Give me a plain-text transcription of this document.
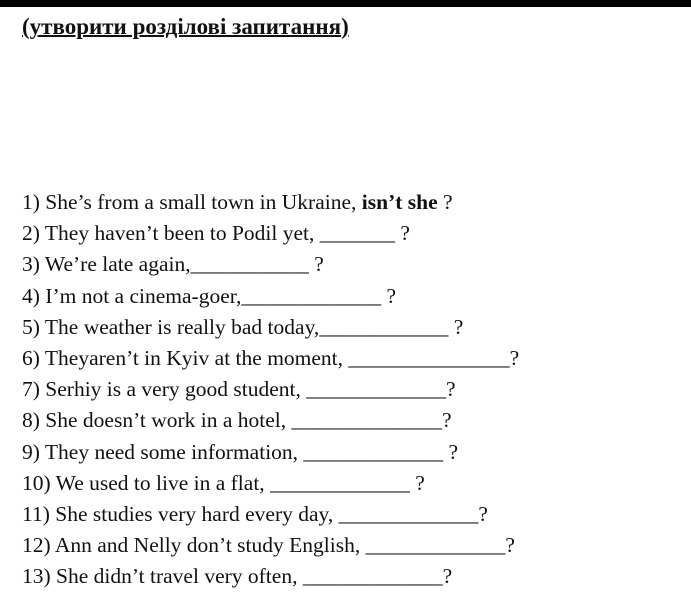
(утворити розділові запитання)
1) She’s from a small town in Ukraine, isn’t she ?
2) They haven’t been to Podil yet, _______ ?
3) We’re late again,___________ ?
4) I’m not a cinema-goer,_____________ ?
5) The weather is really bad today,____________ ?
6) Theyaren’t in Kyiv at the moment, _______________?
7) Serhiy is a very good student, _____________?
8) She doesn’t work in a hotel, ______________?
9) They need some information, _____________ ?
10) We used to live in a flat, _____________ ?
11) She studies very hard every day, _____________?
12) Ann and Nelly don’t study English, _____________?
13) She didn’t travel very often, _____________?
